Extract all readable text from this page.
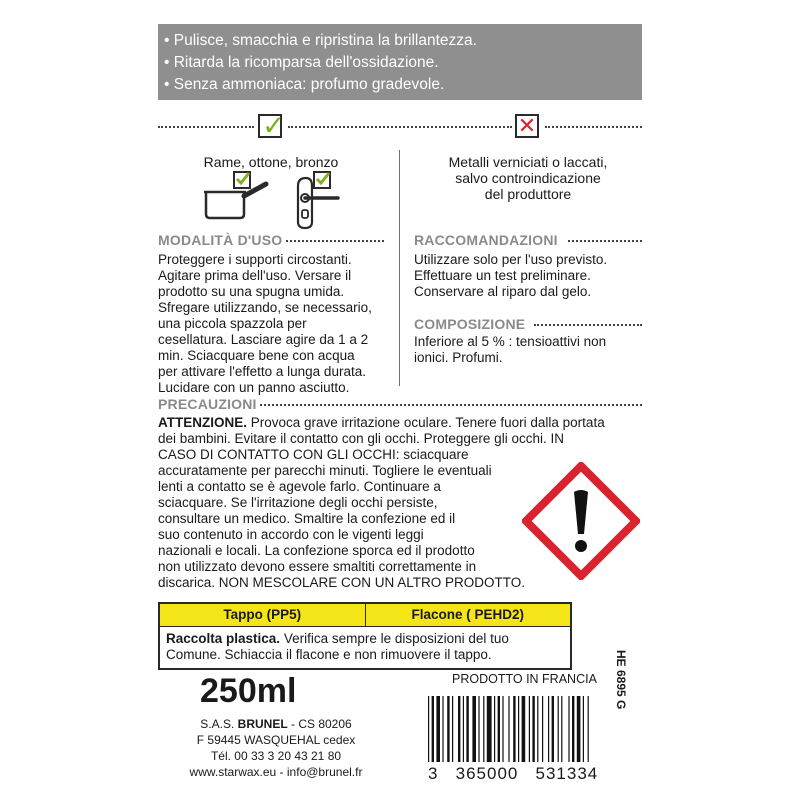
• Pulisce, smacchia e ripristina la brillantezza.
• Ritarda la ricomparsa dell'ossidazione.
• Senza ammoniaca: profumo gradevole.
✓	✕
Rame, ottone, bronzo	Metalli verniciati o laccati,
salvo controindicazione
del produttore
MODALITÀ D'USO
Proteggere i supporti circostanti.
Agitare prima dell'uso. Versare il
prodotto su una spugna umida.
Sfregare utilizzando, se necessario,
una piccola spazzola per
cesellatura. Lasciare agire da 1 a 2
min. Sciacquare bene con acqua
per attivare l'effetto a lunga durata.
Lucidare con un panno asciutto.
RACCOMANDAZIONI
Utilizzare solo per l'uso previsto.
Effettuare un test preliminare.
Conservare al riparo dal gelo.
COMPOSIZIONE
Inferiore al 5 % : tensioattivi non
ionici. Profumi.
PRECAUZIONI
ATTENZIONE. Provoca grave irritazione oculare. Tenere fuori dalla portata
dei bambini. Evitare il contatto con gli occhi. Proteggere gli occhi. IN
CASO DI CONTATTO CON GLI OCCHI: sciacquare
accuratamente per parecchi minuti. Togliere le eventuali
lenti a contatto se è agevole farlo. Continuare a
sciacquare. Se l'irritazione degli occhi persiste,
consultare un medico. Smaltire la confezione ed il
suo contenuto in accordo con le vigenti leggi
nazionali e locali. La confezione sporca ed il prodotto
non utilizzato devono essere smaltiti correttamente in
discarica. NON MESCOLARE CON UN ALTRO PRODOTTO.
Tappo (PP5)	Flacone ( PEHD2)
Raccolta plastica. Verifica sempre le disposizioni del tuo
Comune. Schiaccia il flacone e non rimuovere il tappo.
250ml
S.A.S. BRUNEL - CS 80206
F 59445 WASQUEHAL cedex
Tél. 00 33 3 20 43 21 80
www.starwax.eu - info@brunel.fr
PRODOTTO IN FRANCIA
3   365000   531334
HE 6895 G
